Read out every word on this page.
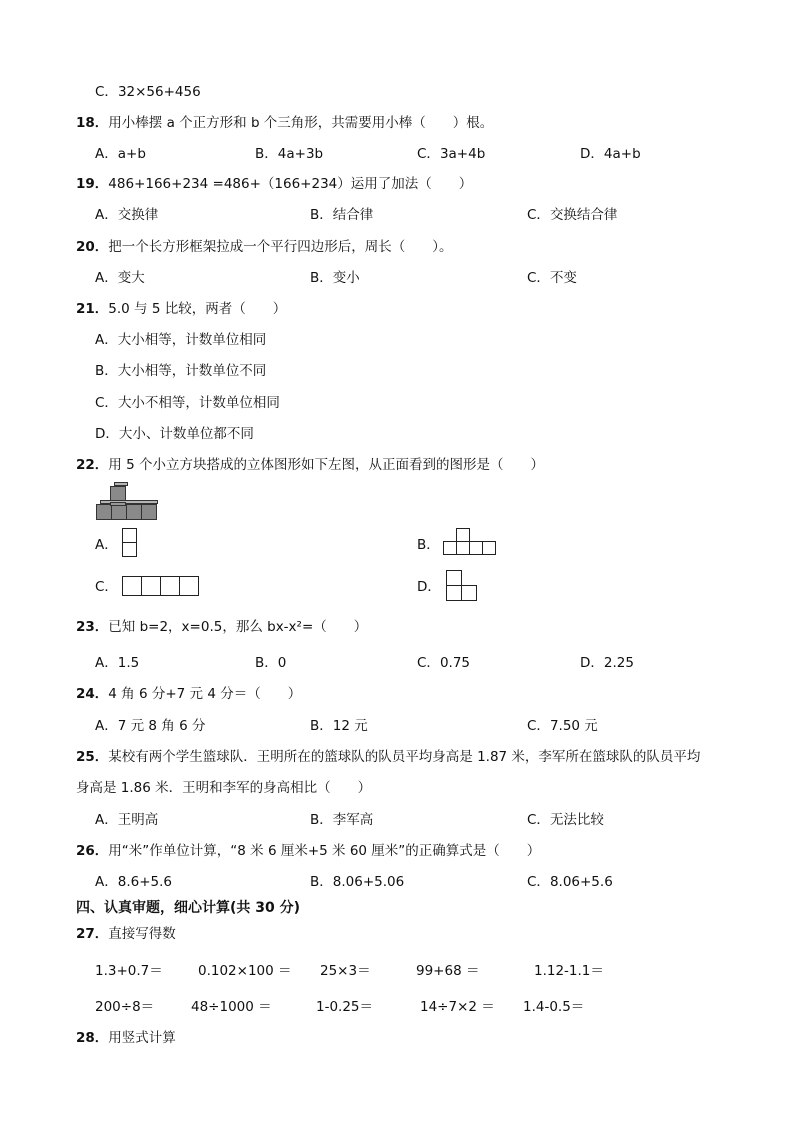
C．32×56+456
18．用小棒摆 a 个正方形和 b 个三角形，共需要用小棒（　　）根。
A．a+b	B．4a+3b	C．3a+4b	D．4a+b
19．486+166+234 =486+（166+234）运用了加法（　　）
A．交换律	B．结合律	C．交换结合律
20．把一个长方形框架拉成一个平行四边形后，周长（　　）。
A．变大	B．变小	C．不变
21．5.0 与 5 比较，两者（　　）
A．大小相等，计数单位相同
B．大小相等，计数单位不同
C．大小不相等，计数单位相同
D．大小、计数单位都不同
22．用 5 个小立方块搭成的立体图形如下左图，从正面看到的图形是（　　）
A．	B．
C．	D．
23．已知 b=2，x=0.5，那么 bx-x²=（　　）
A．1.5	B．0	C．0.75	D．2.25
24．4 角 6 分+7 元 4 分＝（　　）
A．7 元 8 角 6 分	B．12 元	C．7.50 元
25．某校有两个学生篮球队．王明所在的篮球队的队员平均身高是 1.87 米，李军所在篮球队的队员平均
身高是 1.86 米．王明和李军的身高相比（　　）
A．王明高	B．李军高	C．无法比较
26．用“米”作单位计算，“8 米 6 厘米+5 米 60 厘米”的正确算式是（　　）
A．8.6+5.6	B．8.06+5.06	C．8.06+5.6
四、认真审题，细心计算(共 30 分)
27．直接写得数
1.3+0.7＝	0.102×100 ＝ 25×3＝	99+68 ＝	1.12-1.1＝
200÷8＝	48÷1000 ＝	1-0.25＝	14÷7×2 ＝ 1.4-0.5＝
28．用竖式计算
